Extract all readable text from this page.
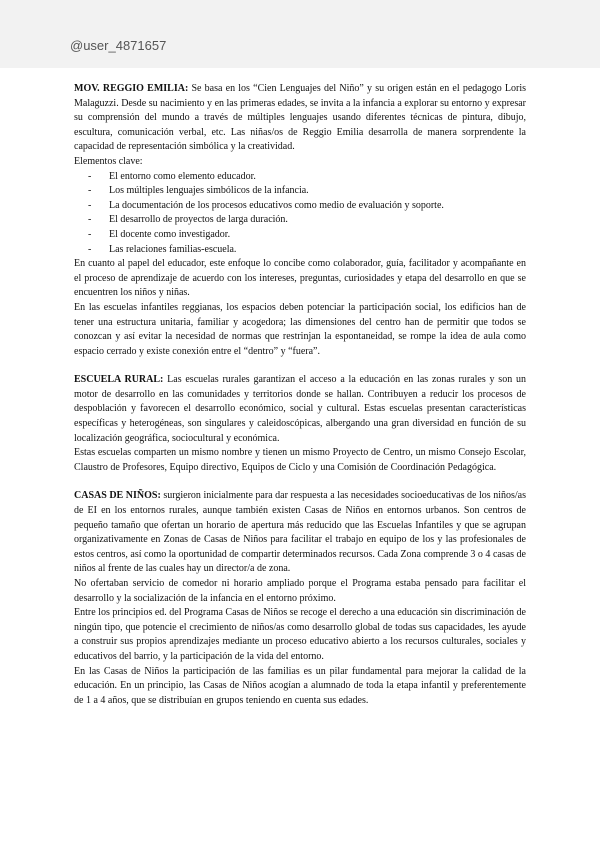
@user_4871657

MOV. REGGIO EMILIA: Se basa en los “Cien Lenguajes del Niño” y su origen están en el pedagogo Loris Malaguzzi. Desde su nacimiento y en las primeras edades, se invita a la infancia a explorar su entorno y expresar su comprensión del mundo a través de múltiples lenguajes usando diferentes técnicas de pintura, dibujo, escultura, comunicación verbal, etc. Las niñas/os de Reggio Emilia desarrolla de manera sorprendente la capacidad de representación simbólica y la creatividad.

Elementos clave:

- El entorno como elemento educador.
- Los múltiples lenguajes simbólicos de la infancia.
- La documentación de los procesos educativos como medio de evaluación y soporte.
- El desarrollo de proyectos de larga duración.
- El docente como investigador.
- Las relaciones familias-escuela.

En cuanto al papel del educador, este enfoque lo concibe como colaborador, guía, facilitador y acompañante en el proceso de aprendizaje de acuerdo con los intereses, preguntas, curiosidades y etapa del desarrollo en que se encuentren los niños y niñas.

En las escuelas infantiles reggianas, los espacios deben potenciar la participación social, los edificios han de tener una estructura unitaria, familiar y acogedora; las dimensiones del centro han de permitir que todos se conozcan y así evitar la necesidad de normas que restrinjan la espontaneidad, se rompe la idea de aula como espacio cerrado y existe conexión entre el “dentro” y “fuera”.

ESCUELA RURAL: Las escuelas rurales garantizan el acceso a la educación en las zonas rurales y son un motor de desarrollo en las comunidades y territorios donde se hallan. Contribuyen a reducir los procesos de despoblación y favorecen el desarrollo económico, social y cultural. Estas escuelas presentan características específicas y heterogéneas, son singulares y caleidoscópicas, albergando una gran diversidad en función de su localización geográfica, sociocultural y económica.

Estas escuelas comparten un mismo nombre y tienen un mismo Proyecto de Centro, un mismo Consejo Escolar, Claustro de Profesores, Equipo directivo, Equipos de Ciclo y una Comisión de Coordinación Pedagógica.

CASAS DE NIÑOS: surgieron inicialmente para dar respuesta a las necesidades socioeducativas de los niños/as de EI en los entornos rurales, aunque también existen Casas de Niños en entornos urbanos. Son centros de pequeño tamaño que ofertan un horario de apertura más reducido que las Escuelas Infantiles y que se agrupan organizativamente en Zonas de Casas de Niños para facilitar el trabajo en equipo de los y las profesionales de estos centros, así como la oportunidad de compartir determinados recursos. Cada Zona comprende 3 o 4 casas de niños al frente de las cuales hay un director/a de zona.

No ofertaban servicio de comedor ni horario ampliado porque el Programa estaba pensado para facilitar el desarrollo y la socialización de la infancia en el entorno próximo.

Entre los principios ed. del Programa Casas de Niños se recoge el derecho a una educación sin discriminación de ningún tipo, que potencie el crecimiento de niños/as como desarrollo global de todas sus capacidades, les ayude a construir sus propios aprendizajes mediante un proceso educativo abierto a los recursos culturales, sociales y educativos del barrio, y la participación de la vida del entorno.

En las Casas de Niños la participación de las familias es un pilar fundamental para mejorar la calidad de la educación. En un principio, las Casas de Niños acogían a alumnado de toda la etapa infantil y preferentemente de 1 a 4 años, que se distribuían en grupos teniendo en cuenta sus edades.
